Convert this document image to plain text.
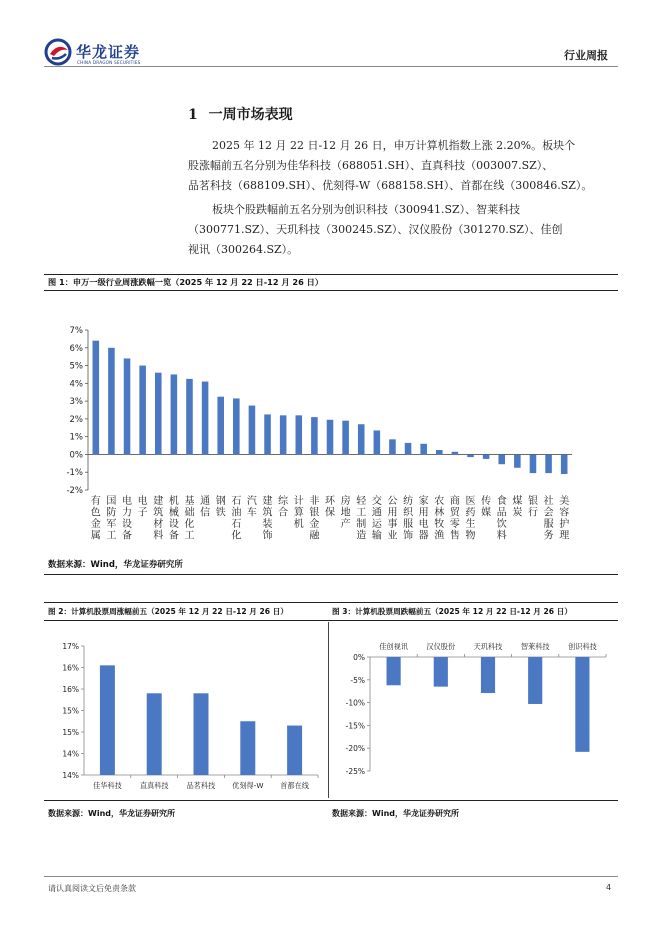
华龙证券
CHINA DRAGON SECURITIES
行业周报
1 一周市场表现
2025 年 12 月 22 日-12 月 26 日，申万计算机指数上涨 2.20%。板块个
股涨幅前五名分别为佳华科技（688051.SH）、直真科技（003007.SZ）、
品茗科技（688109.SH）、优刻得-W（688158.SH）、首都在线（300846.SZ）。
板块个股跌幅前五名分别为创识科技（300941.SZ）、智莱科技
（300771.SZ）、天玑科技（300245.SZ）、汉仪股份（301270.SZ）、佳创
视讯（300264.SZ）。
图 1：申万一级行业周涨跌幅一览（2025 年 12 月 22 日-12 月 26 日）
-2%
-1%
0%
1%
2%
3%
4%
5%
6%
7%
有色金属
国防军工
电力设备
电子
建筑材料
机械设备
基础化工
通信
钢铁
石油石化
汽车
建筑装饰
综合
计算机
非银金融
环保
房地产
轻工制造
交通运输
公用事业
纺织服饰
家用电器
农林牧渔
商贸零售
医药生物
传媒
食品饮料
煤炭
银行
社会服务
美容护理
数据来源：Wind，华龙证券研究所
图 2：计算机股票周涨幅前五（2025 年 12 月 22 日-12 月 26 日）	图 3：计算机股票周跌幅前五（2025 年 12 月 22 日-12 月 26 日）
14%
14%
15%
15%
16%
16%
17%
佳华科技	直真科技	品茗科技 优刻得-W 首都在线
0%
-5%
-10%
-15%
-20%
-25%
佳创视讯	汉仪股份	天玑科技	智莱科技	创识科技
数据来源：Wind，华龙证券研究所	数据来源：Wind，华龙证券研究所
请认真阅读文后免责条款	4
